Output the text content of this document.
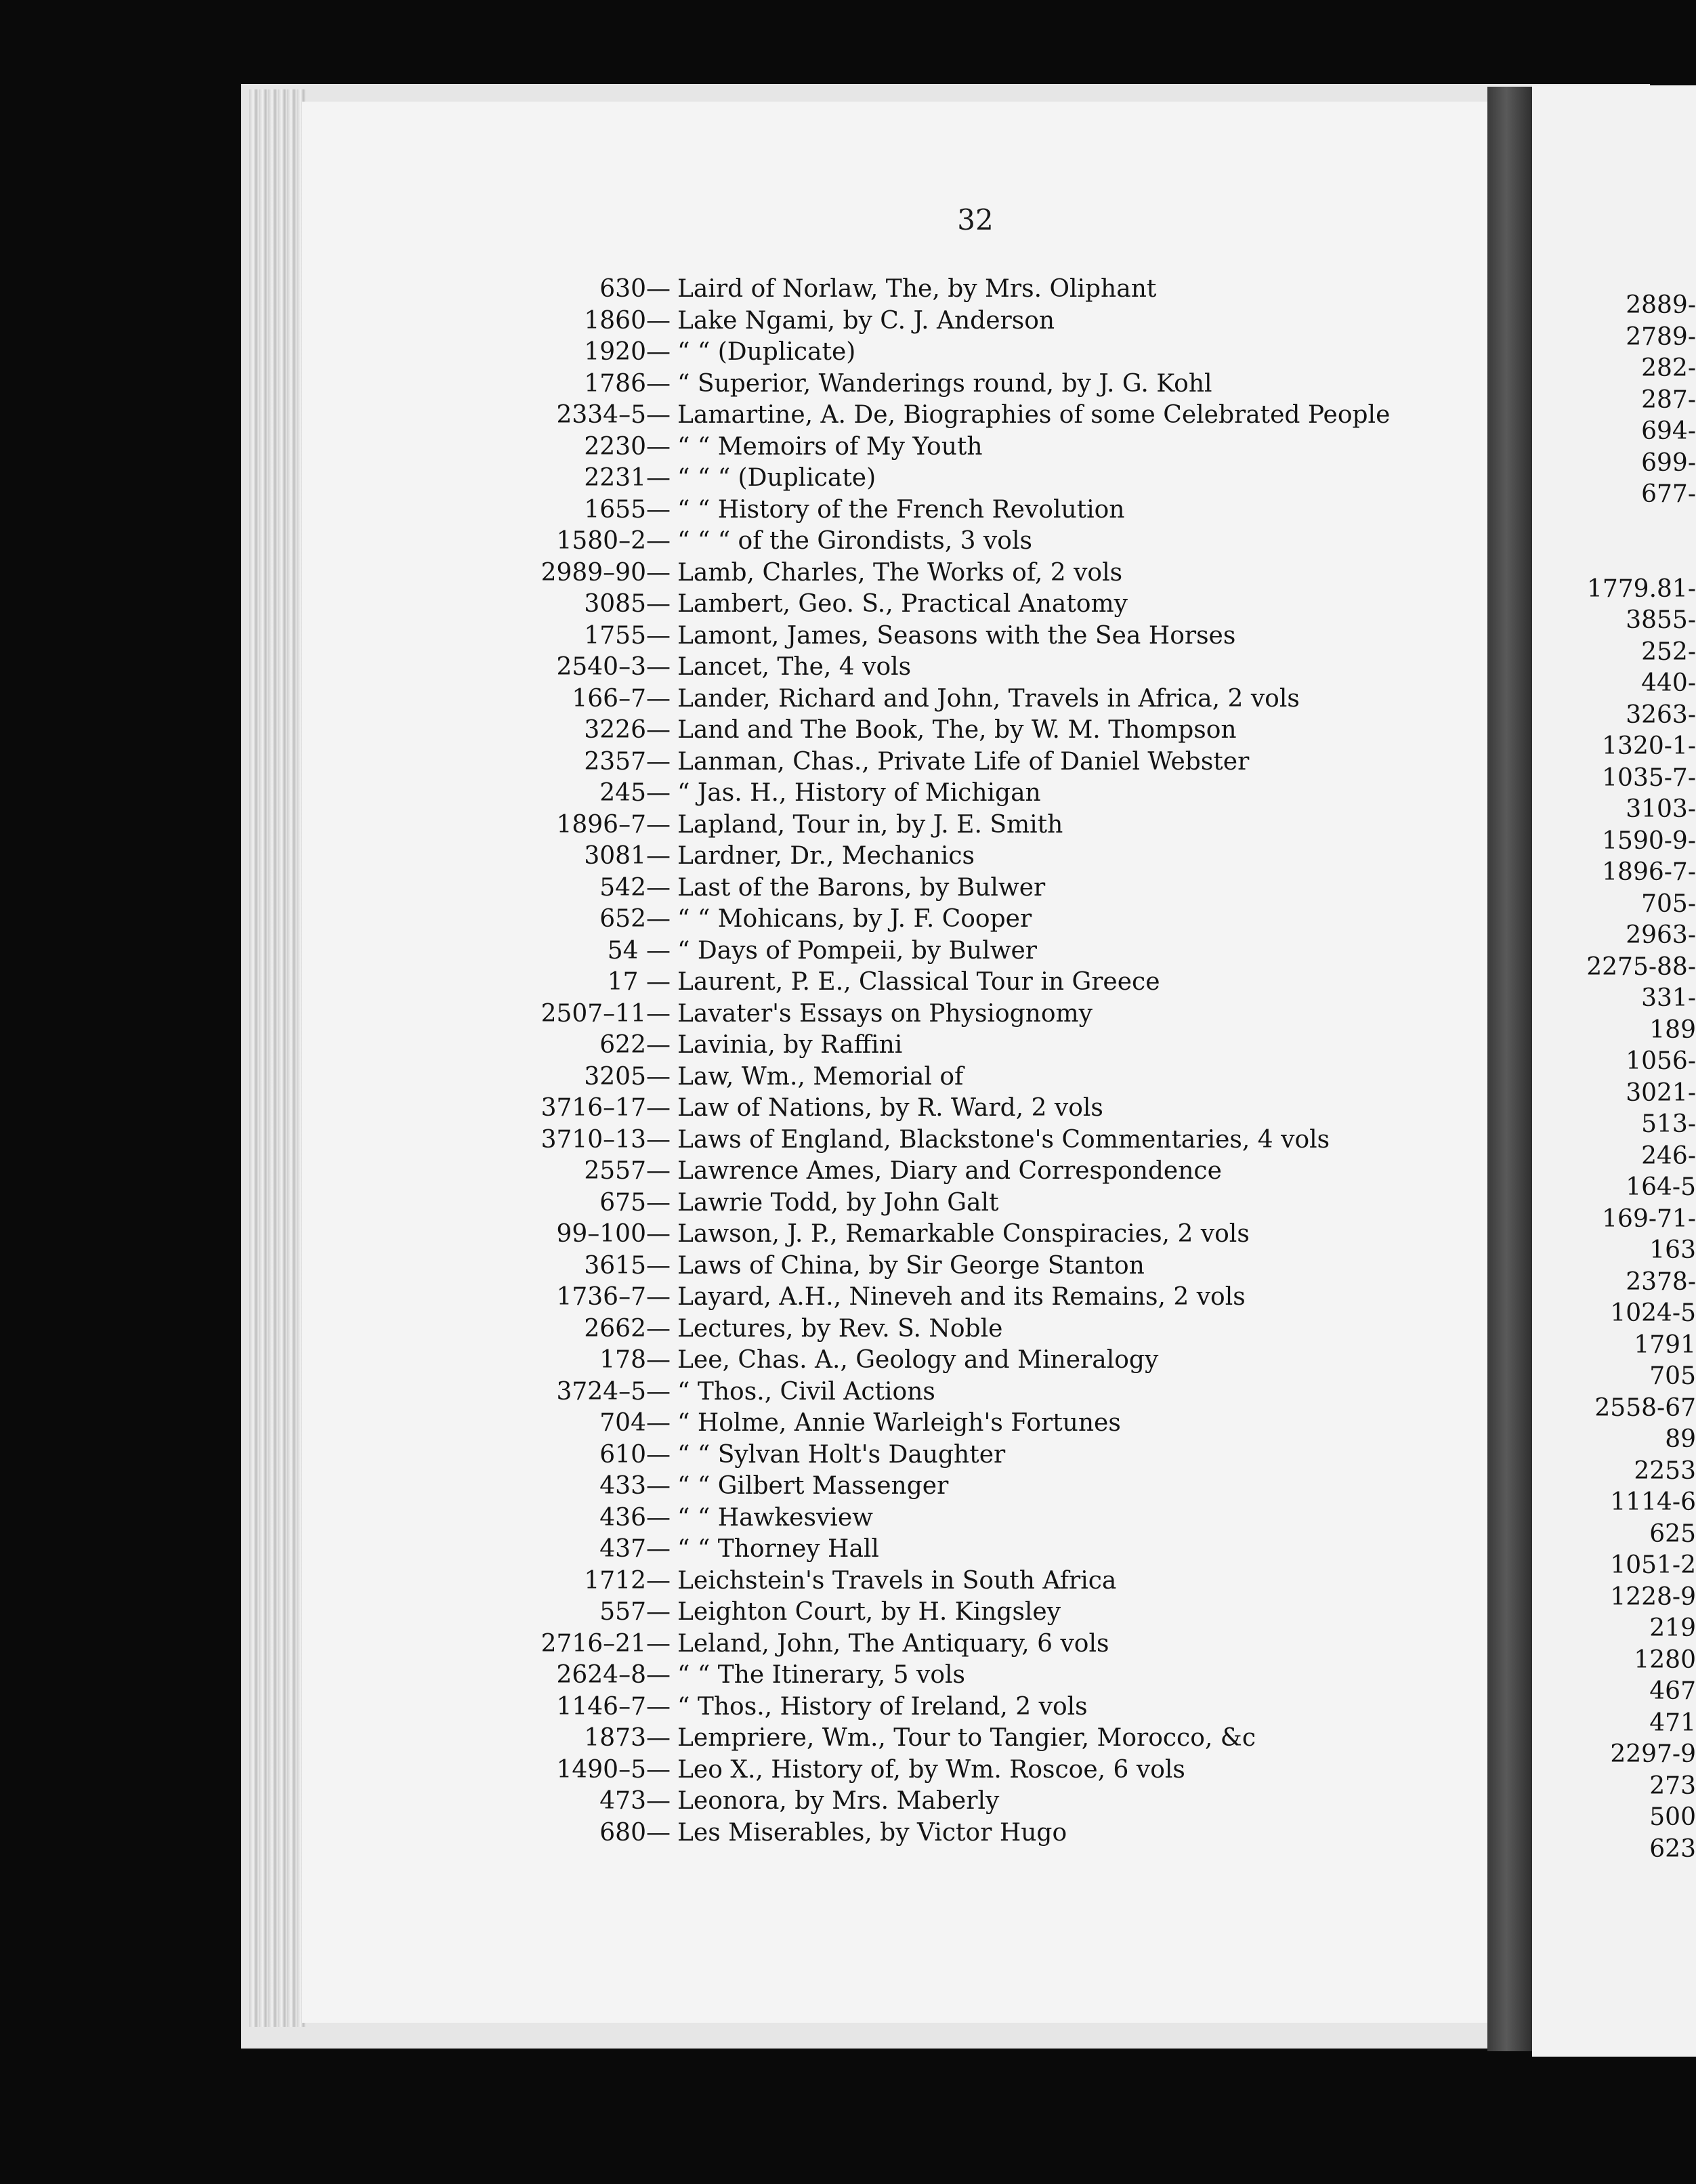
32
630— Laird of Norlaw, The, by Mrs. Oliphant
1860— Lake Ngami, by C. J. Anderson
1920— “ “ (Duplicate)
1786— “ Superior, Wanderings round, by J. G. Kohl
2334–5— Lamartine, A. De, Biographies of some Celebrated People
2230— “ “ Memoirs of My Youth
2231— “ “ “ (Duplicate)
1655— “ “ History of the French Revolution
1580–2— “ “ “ of the Girondists, 3 vols
2989–90— Lamb, Charles, The Works of, 2 vols
3085— Lambert, Geo. S., Practical Anatomy
1755— Lamont, James, Seasons with the Sea Horses
2540–3— Lancet, The, 4 vols
166–7— Lander, Richard and John, Travels in Africa, 2 vols
3226— Land and The Book, The, by W. M. Thompson
2357— Lanman, Chas., Private Life of Daniel Webster
245— “ Jas. H., History of Michigan
1896–7— Lapland, Tour in, by J. E. Smith
3081— Lardner, Dr., Mechanics
542— Last of the Barons, by Bulwer
652— “ “ Mohicans, by J. F. Cooper
54 — “ Days of Pompeii, by Bulwer
17 — Laurent, P. E., Classical Tour in Greece
2507–11— Lavater's Essays on Physiognomy
622— Lavinia, by Raffini
3205— Law, Wm., Memorial of
3716–17— Law of Nations, by R. Ward, 2 vols
3710–13— Laws of England, Blackstone's Commentaries, 4 vols
2557— Lawrence Ames, Diary and Correspondence
675— Lawrie Todd, by John Galt
99–100— Lawson, J. P., Remarkable Conspiracies, 2 vols
3615— Laws of China, by Sir George Stanton
1736–7— Layard, A.H., Nineveh and its Remains, 2 vols
2662— Lectures, by Rev. S. Noble
178— Lee, Chas. A., Geology and Mineralogy
3724–5— “ Thos., Civil Actions
704— “ Holme, Annie Warleigh's Fortunes
610— “ “ Sylvan Holt's Daughter
433— “ “ Gilbert Massenger
436— “ “ Hawkesview
437— “ “ Thorney Hall
1712— Leichstein's Travels in South Africa
557— Leighton Court, by H. Kingsley
2716–21— Leland, John, The Antiquary, 6 vols
2624–8— “ “ The Itinerary, 5 vols
1146–7— “ Thos., History of Ireland, 2 vols
1873— Lempriere, Wm., Tour to Tangier, Morocco, &c
1490–5— Leo X., History of, by Wm. Roscoe, 6 vols
473— Leonora, by Mrs. Maberly
680— Les Miserables, by Victor Hugo
2889-
2789-
282-
287-
694-
699-
677-
1779.81-
3855-
252-
440-
3263-
1320-1-
1035-7-
3103-
1590-9-
1896-7-
705-
2963-
2275-88-
331-
189
1056-
3021-
513-
246-
164-5
169-71-
163
2378-
1024-5
1791
705
2558-67
89
2253
1114-6
625
1051-2
1228-9
219
1280
467
471
2297-9
273
500
623
